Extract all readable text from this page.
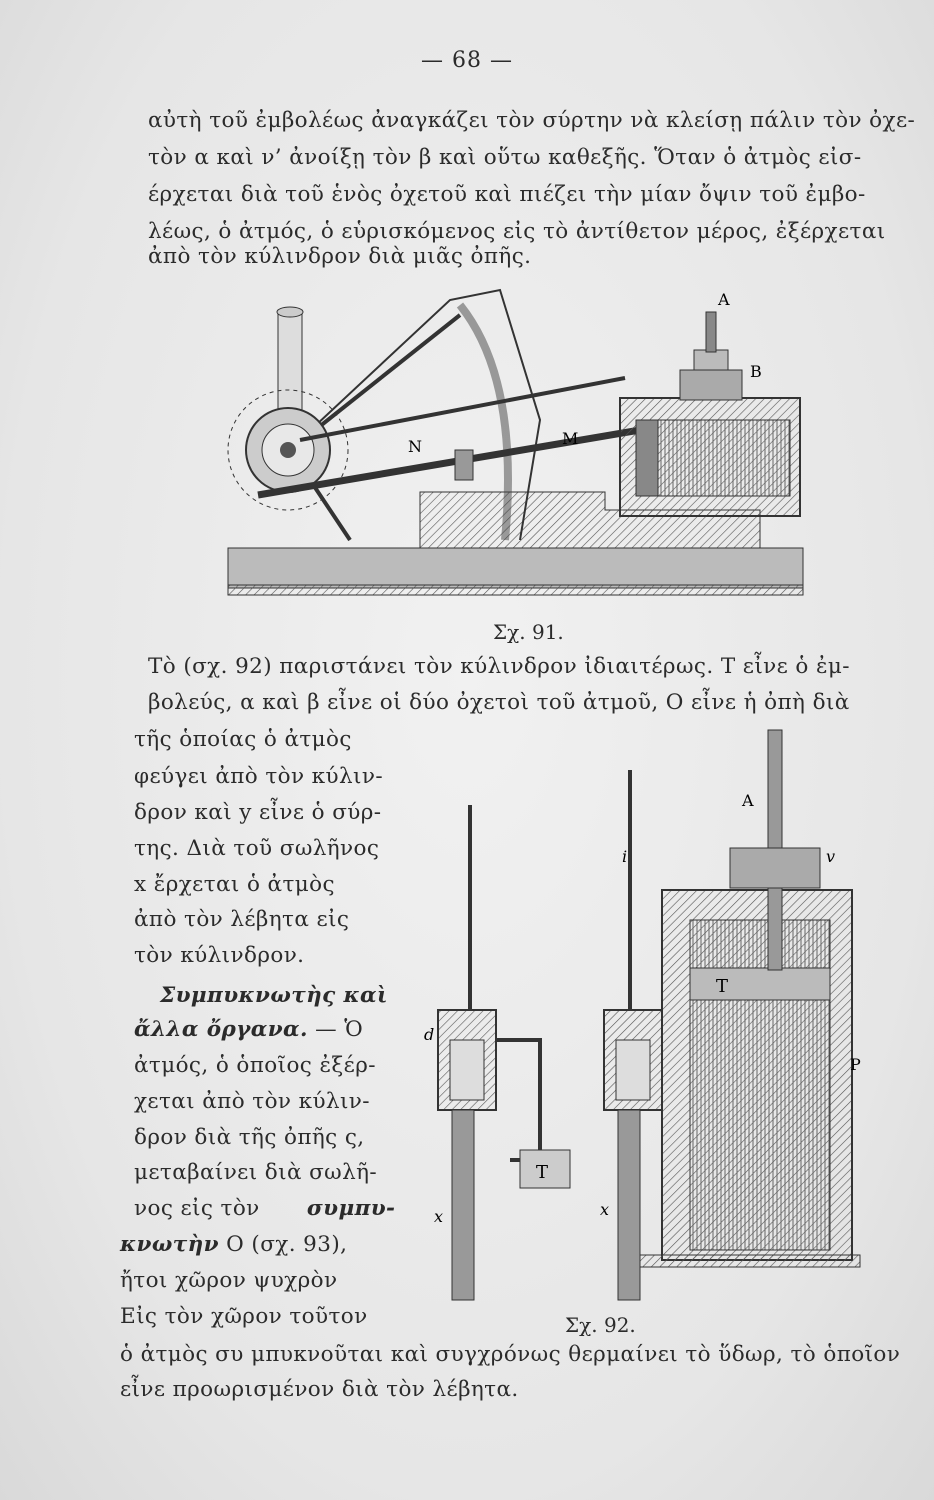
— 68 —
αὐτὴ τοῦ ἐμβολέως ἀναγκάζει τὸν σύρτην νὰ κλείσῃ πάλιν τὸν ὀχε-
τὸν α καὶ ν’ ἀνοίξῃ τὸν β καὶ οὕτω καθεξῆς. Ὅταν ὁ ἀτμὸς εἰσ-
έρχεται διὰ τοῦ ἑνὸς ὀχετοῦ καὶ πιέζει τὴν μίαν ὄψιν τοῦ ἐμβο-
λέως, ὁ ἀτμός, ὁ εὑρισκόμενος εἰς τὸ ἀντίθετον μέρος, ἐξέρχεται
ἀπὸ τὸν κύλινδρον διὰ μιᾶς ὀπῆς.
A
B
N	M
Σχ. 91.
Τὸ (σχ. 92) παριστάνει τὸν κύλινδρον ἰδιαιτέρως. Τ εἶνε ὁ ἐμ-
βολεύς, α καὶ β εἶνε οἱ δύο ὀχετοὶ τοῦ ἀτμοῦ, Ο εἶνε ἡ ὀπὴ διὰ
τῆς ὁποίας ὁ ἀτμὸς
φεύγει ἀπὸ τὸν κύλιν-
δρον καὶ y εἶνε ὁ σύρ-
της. Διὰ τοῦ σωλῆνος
x ἔρχεται ὁ ἀτμὸς
ἀπὸ τὸν λέβητα εἰς
τὸν κύλινδρον.
Συμπυκνωτὴς καὶ
ἄλλα ὄργανα. — Ὁ
ἀτμός, ὁ ὁποῖος ἐξέρ-
χεται ἀπὸ τὸν κύλιν-
δρον διὰ τῆς ὀπῆς ς,
μεταβαίνει διὰ σωλῆ-
νος εἰς τὸν συμπυ-
κνωτὴν Ο (σχ. 93),
ἤτοι χῶρον ψυχρὸν
Εἰς τὸν χῶρον τοῦτον
T
d
x
i
x
A
v
P
T
Σχ. 92.
ὁ ἀτμὸς συ μπυκνοῦται καὶ συγχρόνως θερμαίνει τὸ ὕδωρ, τὸ ὁποῖον
εἶνε προωρισμένον διὰ τὸν λέβητα.
